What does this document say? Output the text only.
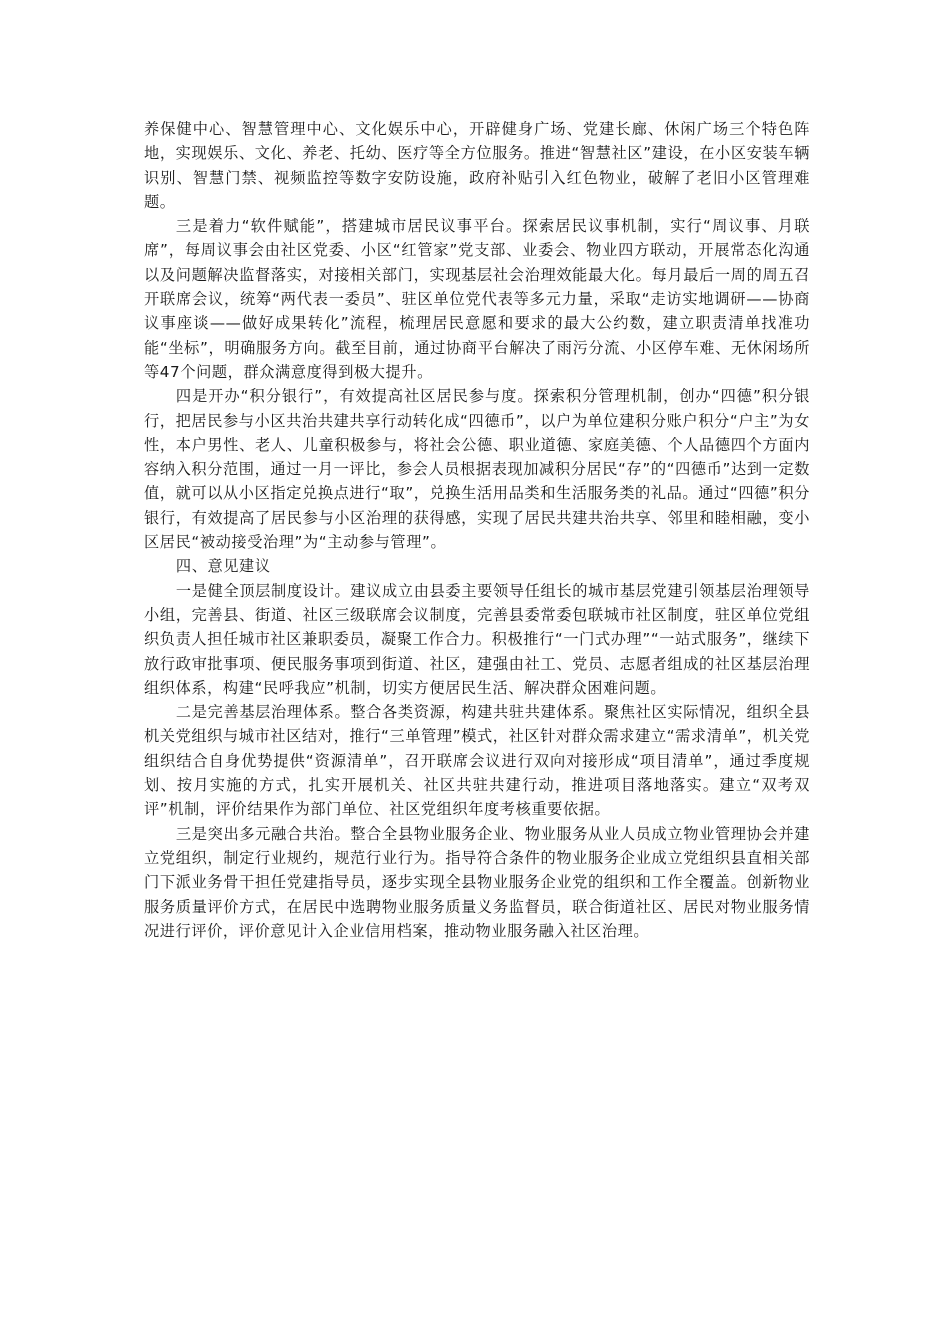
养保健中心、智慧管理中心、文化娱乐中心，开辟健身广场、党建长廊、休闲广场三个特色阵地，实现娱乐、文化、养老、托幼、医疗等全方位服务。推进“智慧社区”建设，在小区安装车辆识别、智慧门禁、视频监控等数字安防设施，政府补贴引入红色物业，破解了老旧小区管理难题。

三是着力“软件赋能”，搭建城市居民议事平台。探索居民议事机制，实行“周议事、月联席”，每周议事会由社区党委、小区“红管家”党支部、业委会、物业四方联动，开展常态化沟通以及问题解决监督落实，对接相关部门，实现基层社会治理效能最大化。每月最后一周的周五召开联席会议，统筹“两代表一委员”、驻区单位党代表等多元力量，采取“走访实地调研——协商议事座谈——做好成果转化”流程，梳理居民意愿和要求的最大公约数，建立职责清单找准功能“坐标”，明确服务方向。截至目前，通过协商平台解决了雨污分流、小区停车难、无休闲场所等47个问题，群众满意度得到极大提升。

四是开办“积分银行”，有效提高社区居民参与度。探索积分管理机制，创办“四德”积分银行，把居民参与小区共治共建共享行动转化成“四德币”，以户为单位建积分账户积分“户主”为女性，本户男性、老人、儿童积极参与，将社会公德、职业道德、家庭美德、个人品德四个方面内容纳入积分范围，通过一月一评比，参会人员根据表现加减积分居民“存”的“四德币”达到一定数值，就可以从小区指定兑换点进行“取”，兑换生活用品类和生活服务类的礼品。通过“四德”积分银行，有效提高了居民参与小区治理的获得感，实现了居民共建共治共享、邻里和睦相融，变小区居民“被动接受治理”为“主动参与管理”。

四、意见建议

一是健全顶层制度设计。建议成立由县委主要领导任组长的城市基层党建引领基层治理领导小组，完善县、街道、社区三级联席会议制度，完善县委常委包联城市社区制度，驻区单位党组织负责人担任城市社区兼职委员，凝聚工作合力。积极推行“一门式办理”“一站式服务”，继续下放行政审批事项、便民服务事项到街道、社区，建强由社工、党员、志愿者组成的社区基层治理组织体系，构建“民呼我应”机制，切实方便居民生活、解决群众困难问题。

二是完善基层治理体系。整合各类资源，构建共驻共建体系。聚焦社区实际情况，组织全县机关党组织与城市社区结对，推行“三单管理”模式，社区针对群众需求建立“需求清单”，机关党组织结合自身优势提供“资源清单”，召开联席会议进行双向对接形成“项目清单”，通过季度规划、按月实施的方式，扎实开展机关、社区共驻共建行动，推进项目落地落实。建立“双考双评”机制，评价结果作为部门单位、社区党组织年度考核重要依据。

三是突出多元融合共治。整合全县物业服务企业、物业服务从业人员成立物业管理协会并建立党组织，制定行业规约，规范行业行为。指导符合条件的物业服务企业成立党组织县直相关部门下派业务骨干担任党建指导员，逐步实现全县物业服务企业党的组织和工作全覆盖。创新物业服务质量评价方式，在居民中选聘物业服务质量义务监督员，联合街道社区、居民对物业服务情况进行评价，评价意见计入企业信用档案，推动物业服务融入社区治理。
